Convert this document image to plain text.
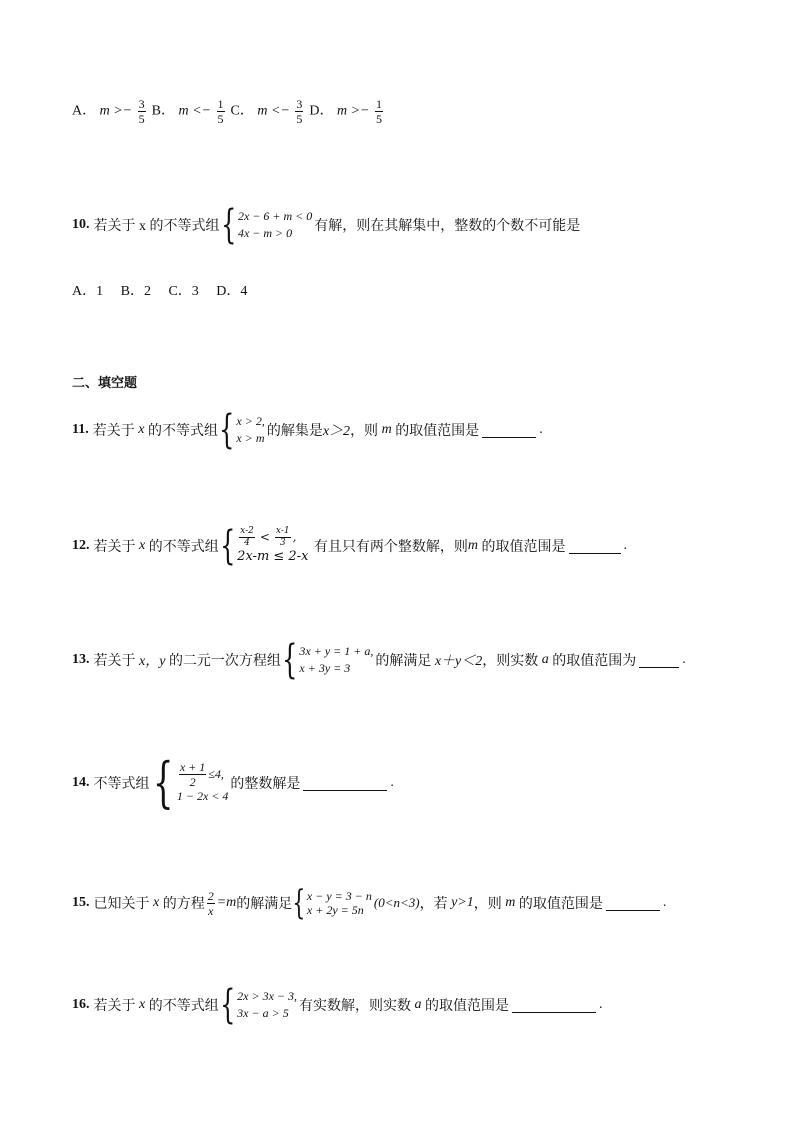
A． $m >- \frac{3}{5}$ B． $m <- \frac{1}{5}$ C． $m <- \frac{3}{5}$ D． $m >- \frac{1}{5}$
10. 若关于 x 的不等式组 { 2x − 6 + m < 0
4x − m > 0	有解，则在其解集中，整数的个数不可能是
A．1　 B．2　 C．3　 D．4
二、填空题
11. 若关于
x
的不等式组 { x > 2,
x > m 的解集是 x＞2 ，则
m
的取值范围是	.
12. 若关于
x
的不等式组 { $\frac{x-2}{4} < \frac{x-1}{3}$ ,
2x-m ≤ 2-x

有且只有两个整数解，则 m
的取值范围是	.
13. 若关于
x，y
的二元一次方程组 { 3x + y = 1 + a,
x + 3y = 3	的解满足
x＋y＜2 ，则实数
a
的取值范围为	.
14. 不等式组 { $\frac{x + 1}{2} \le 4$,
1 − 2x < 4
的整数解是	.
15. 已知关于
x
的方程 $\frac{2}{x} =m$ 的解满足 { x − y = 3 − n
x + 2y = 5n (0<n<3) ，若
y>1 ，则
m
的取值范围是	.
16. 若关于
x
的不等式组 { 2x > 3x − 3,
3x − a > 5 有实数解，则实数
a
的取值范围是	.
